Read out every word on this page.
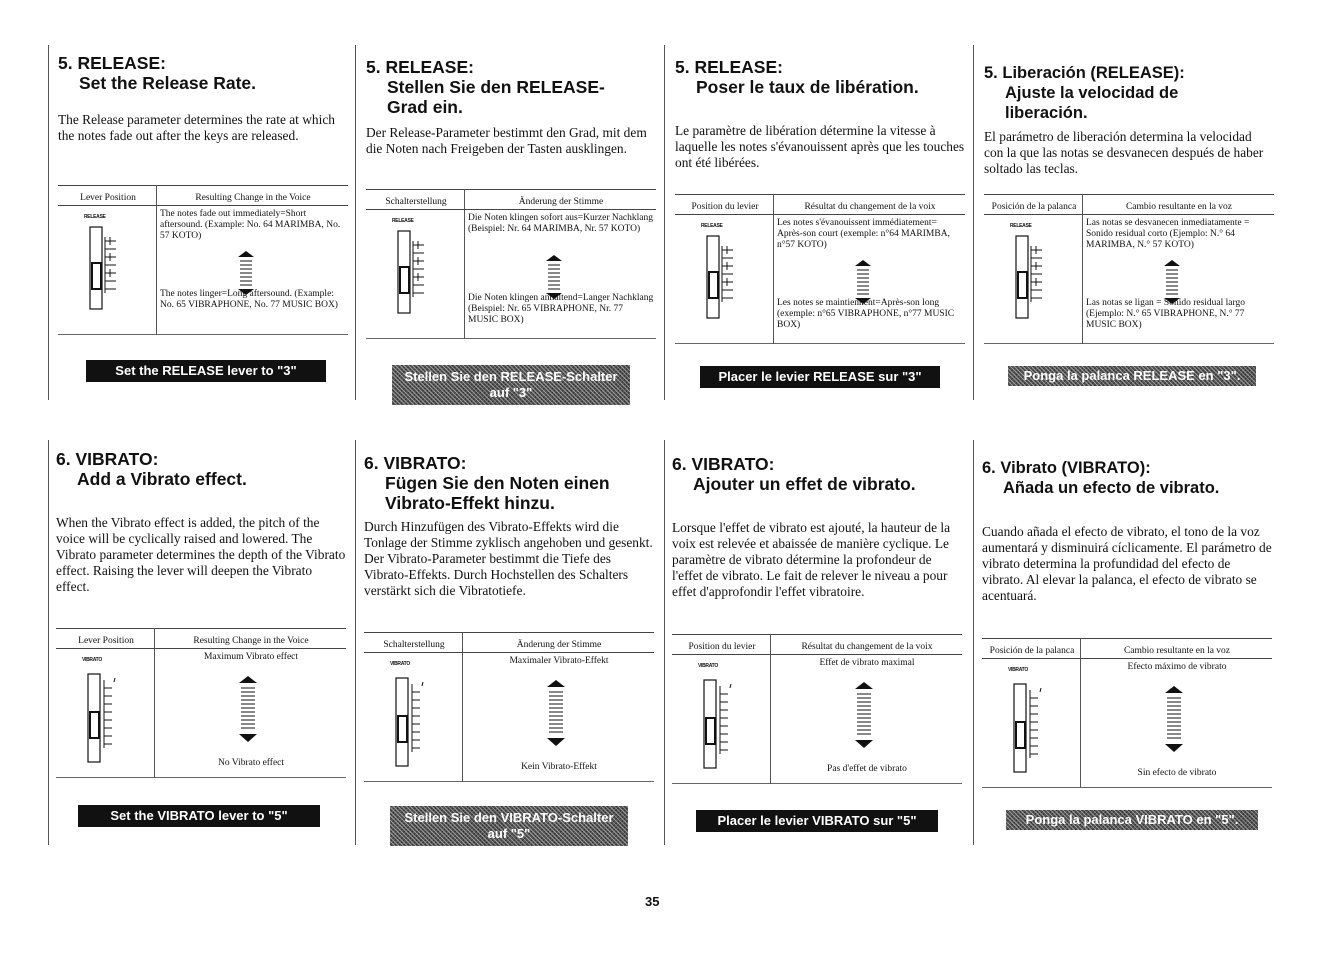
5. RELEASE:
Set the Release Rate.
The Release parameter determines the rate at which the notes fade out after the keys are released.
Lever Position	Resulting Change in the Voice
RELEASE	The notes fade out immediately=Short aftersound. (Example: No. 64 MARIMBA, No. 57 KOTO)
The notes linger=Long aftersound. (Example: No. 65 VIBRAPHONE, No. 77 MUSIC BOX)
Set the RELEASE lever to "3"
5. RELEASE:
Stellen Sie den RELEASE-
Grad ein.
Der Release-Parameter bestimmt den Grad, mit dem die Noten nach Freigeben der Tasten ausklingen.
Schalterstellung	Änderung der Stimme
RELEASE	Die Noten klingen sofort aus=Kurzer Nachklang (Beispiel: Nr. 64 MARIMBA, Nr. 57 KOTO)
Die Noten klingen anhaltend=Langer Nachklang (Beispiel: Nr. 65 VIBRAPHONE, Nr. 77 MUSIC BOX)
Stellen Sie den RELEASE-Schalter auf "3"
5. RELEASE:
Poser le taux de libération.
Le paramètre de libération détermine la vitesse à laquelle les notes s'évanouissent après que les touches ont été libérées.
Position du levier	Résultat du changement de la voix
RELEASE	Les notes s'évanouissent immédiatement= Après-son court (exemple: n°64 MARIMBA, n°57 KOTO)
Les notes se maintiennent=Après-son long (exemple: n°65 VIBRAPHONE, n°77 MUSIC BOX)
Placer le levier RELEASE sur "3"
5. Liberación (RELEASE):
Ajuste la velocidad de
liberación.
El parámetro de liberación determina la velocidad con la que las notas se desvanecen después de haber soltado las teclas.
Posición de la palanca	Cambio resultante en la voz
RELEASE	Las notas se desvanecen inmediatamente = Sonido residual corto (Ejemplo: N.° 64 MARIMBA, N.° 57 KOTO)
Las notas se ligan = Sonido residual largo (Ejemplo: N.° 65 VIBRAPHONE, N.° 77 MUSIC BOX)
Ponga la palanca RELEASE en "3".
6. VIBRATO:
Add a Vibrato effect.
When the Vibrato effect is added, the pitch of the voice will be cyclically raised and lowered. The Vibrato parameter determines the depth of the Vibrato effect. Raising the lever will deepen the Vibrato effect.
Lever Position	Resulting Change in the Voice
VIBRATO	Maximum Vibrato effect
No Vibrato effect
Set the VIBRATO lever to "5"
6. VIBRATO:
Fügen Sie den Noten einen
Vibrato-Effekt hinzu.
Durch Hinzufügen des Vibrato-Effekts wird die Tonlage der Stimme zyklisch angehoben und gesenkt. Der Vibrato-Parameter bestimmt die Tiefe des Vibrato-Effekts. Durch Hochstellen des Schalters verstärkt sich die Vibratotiefe.
Schalterstellung	Änderung der Stimme
VIBRATO	Maximaler Vibrato-Effekt
Kein Vibrato-Effekt
Stellen Sie den VIBRATO-Schalter auf "5"
6. VIBRATO:
Ajouter un effet de vibrato.
Lorsque l'effet de vibrato est ajouté, la hauteur de la voix est relevée et abaissée de manière cyclique. Le paramètre de vibrato détermine la profondeur de l'effet de vibrato. Le fait de relever le niveau a pour effet d'approfondir l'effet vibratoire.
Position du levier	Résultat du changement de la voix
VIBRATO	Effet de vibrato maximal
Pas d'effet de vibrato
Placer le levier VIBRATO sur "5"
6. Vibrato (VIBRATO):
Añada un efecto de vibrato.
Cuando añada el efecto de vibrato, el tono de la voz aumentará y disminuirá cíclicamente. El parámetro de vibrato determina la profundidad del efecto de vibrato. Al elevar la palanca, el efecto de vibrato se acentuará.
Posición de la palanca	Cambio resultante en la voz
VIBRATO	Efecto máximo de vibrato
Sin efecto de vibrato
Ponga la palanca VIBRATO en "5".
35
